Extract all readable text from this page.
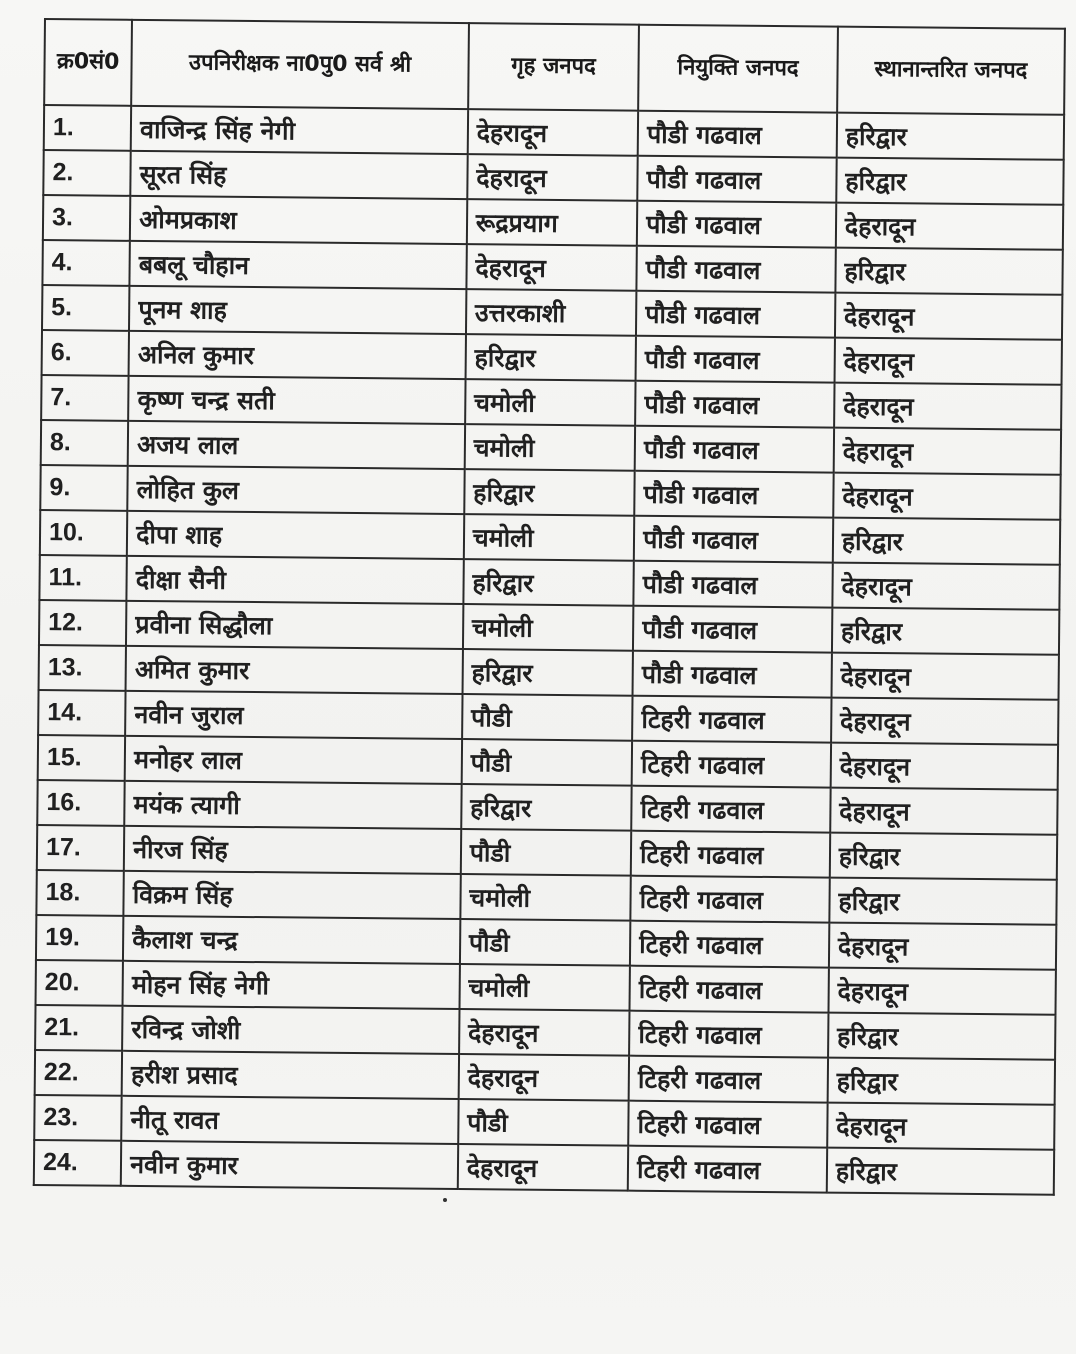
क्र0सं0	उपनिरीक्षक ना0पु0 सर्व श्री	गृह जनपद	नियुक्ति जनपद	स्थानान्तरित जनपद
1.	वाजिन्द्र सिंह नेगी	देहरादून	पौडी गढवाल	हरिद्वार
2.	सूरत सिंह	देहरादून	पौडी गढवाल	हरिद्वार
3.	ओमप्रकाश	रूद्रप्रयाग	पौडी गढवाल	देहरादून
4.	बबलू चौहान	देहरादून	पौडी गढवाल	हरिद्वार
5.	पूनम शाह	उत्तरकाशी	पौडी गढवाल	देहरादून
6.	अनिल कुमार	हरिद्वार	पौडी गढवाल	देहरादून
7.	कृष्ण चन्द्र सती	चमोली	पौडी गढवाल	देहरादून
8.	अजय लाल	चमोली	पौडी गढवाल	देहरादून
9.	लोहित कुल	हरिद्वार	पौडी गढवाल	देहरादून
10.	दीपा शाह	चमोली	पौडी गढवाल	हरिद्वार
11.	दीक्षा सैनी	हरिद्वार	पौडी गढवाल	देहरादून
12.	प्रवीना सिद्धौला	चमोली	पौडी गढवाल	हरिद्वार
13.	अमित कुमार	हरिद्वार	पौडी गढवाल	देहरादून
14.	नवीन जुराल	पौडी	टिहरी गढवाल	देहरादून
15.	मनोहर लाल	पौडी	टिहरी गढवाल	देहरादून
16.	मयंक त्यागी	हरिद्वार	टिहरी गढवाल	देहरादून
17.	नीरज सिंह	पौडी	टिहरी गढवाल	हरिद्वार
18.	विक्रम सिंह	चमोली	टिहरी गढवाल	हरिद्वार
19.	कैलाश चन्द्र	पौडी	टिहरी गढवाल	देहरादून
20.	मोहन सिंह नेगी	चमोली	टिहरी गढवाल	देहरादून
21.	रविन्द्र जोशी	देहरादून	टिहरी गढवाल	हरिद्वार
22.	हरीश प्रसाद	देहरादून	टिहरी गढवाल	हरिद्वार
23.	नीतू रावत	पौडी	टिहरी गढवाल	देहरादून
24.	नवीन कुमार	देहरादून	टिहरी गढवाल	हरिद्वार
